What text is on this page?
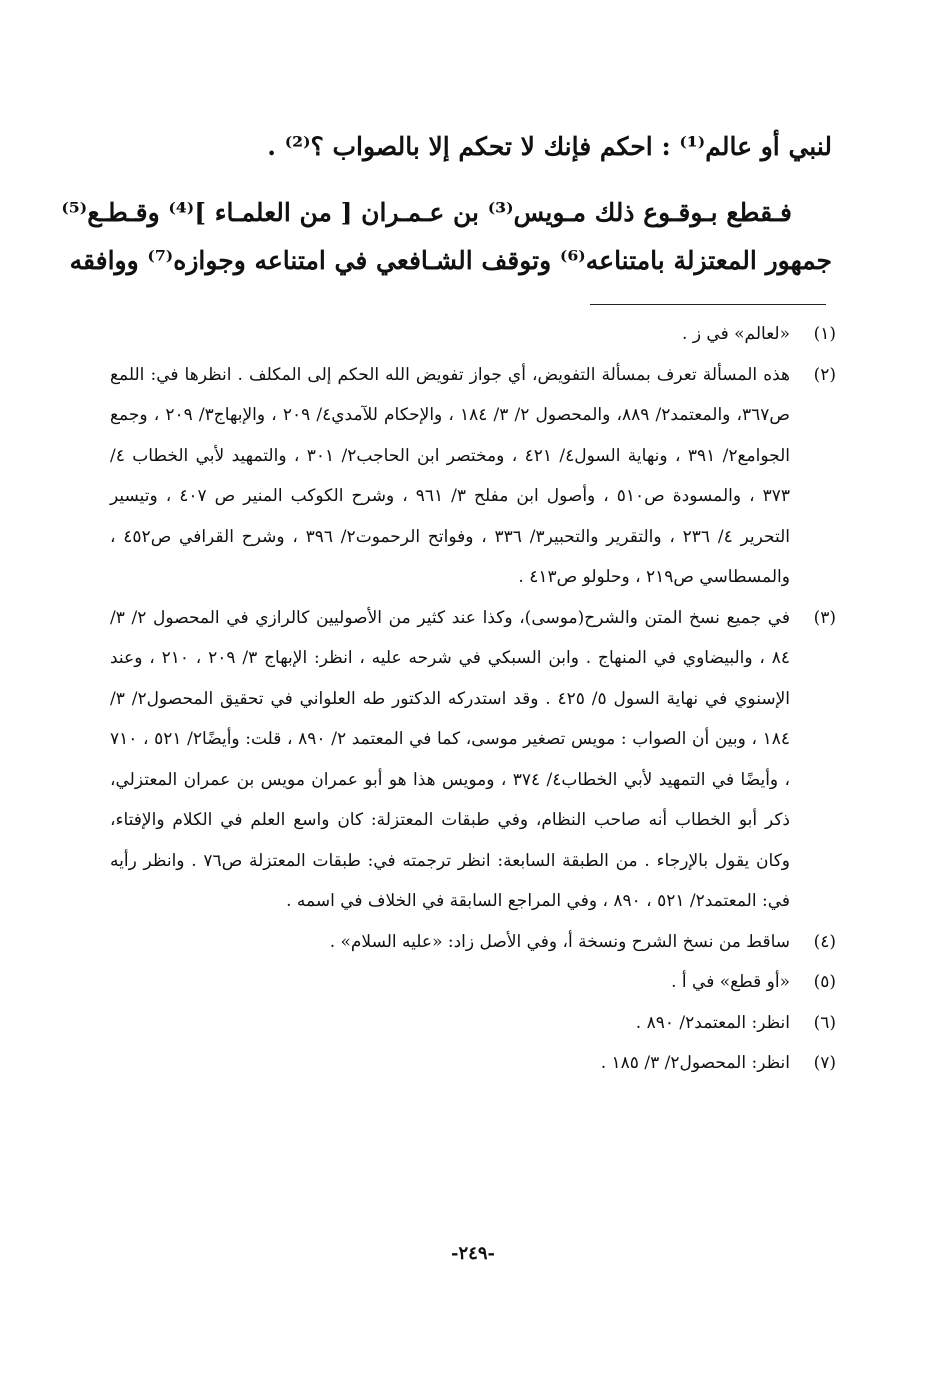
لنبي أو عالم⁽¹⁾ : احكم فإنك لا تحكم إلا بالصواب ؟⁽²⁾ .
فـقطع بـوقـوع ذلك مـويس⁽³⁾ بن عـمـران [ من العلمـاء ]⁽⁴⁾ وقـطـع⁽⁵⁾
جمهور المعتزلة بامتناعه⁽⁶⁾ وتوقف الشـافعي في امتناعه وجوازه⁽⁷⁾ ووافقه
(١)
«لعالم» في ز .
(٢)
هذه المسألة تعرف بمسألة التفويض، أي جواز تفويض الله الحكم إلى المكلف . انظرها في: اللمع ص٣٦٧، والمعتمد٢/ ٨٨٩، والمحصول ٢/ ٣/ ١٨٤ ، والإحكام للآمدي٤/ ٢٠٩ ، والإبهاج٣/ ٢٠٩ ، وجمع الجوامع٢/ ٣٩١ ، ونهاية السول٤/ ٤٢١ ، ومختصر ابن الحاجب٢/ ٣٠١ ، والتمهيد لأبي الخطاب ٤/ ٣٧٣ ، والمسودة ص٥١٠ ، وأصول ابن مفلح ٣/ ٩٦١ ، وشرح الكوكب المنير ص ٤٠٧ ، وتيسير التحرير ٤/ ٢٣٦ ، والتقرير والتحبير٣/ ٣٣٦ ، وفواتح الرحموت٢/ ٣٩٦ ، وشرح القرافي ص٤٥٢ ، والمسطاسي ص٢١٩ ، وحلولو ص٤١٣ .
(٣)
في جميع نسخ المتن والشرح(موسى)، وكذا عند كثير من الأصوليين كالرازي في المحصول ٢/ ٣/ ٨٤ ، والبيضاوي في المنهاج . وابن السبكي في شرحه عليه ، انظر: الإبهاج ٣/ ٢٠٩ ، ٢١٠ ، وعند الإسنوي في نهاية السول ٥/ ٤٢٥ . وقد استدركه الدكتور طه العلواني في تحقيق المحصول٢/ ٣/ ١٨٤ ، وبين أن الصواب : مويس تصغير موسى، كما في المعتمد ٢/ ٨٩٠ ، قلت: وأيضًا٢/ ٥٢١ ، ٧١٠ ، وأيضًا في التمهيد لأبي الخطاب٤/ ٣٧٤ ، ومويس هذا هو أبو عمران مويس بن عمران المعتزلي، ذكر أبو الخطاب أنه صاحب النظام، وفي طبقات المعتزلة: كان واسع العلم في الكلام والإفتاء، وكان يقول بالإرجاء . من الطبقة السابعة: انظر ترجمته في: طبقات المعتزلة ص٧٦ . وانظر رأيه في: المعتمد٢/ ٥٢١ ، ٨٩٠ ، وفي المراجع السابقة في الخلاف في اسمه .
(٤)
ساقط من نسخ الشرح ونسخة أ، وفي الأصل زاد: «عليه السلام» .
(٥)
«أو قطع» في أ .
(٦)
انظر: المعتمد٢/ ٨٩٠ .
(٧)
انظر: المحصول٢/ ٣/ ١٨٥ .
-٢٤٩-
